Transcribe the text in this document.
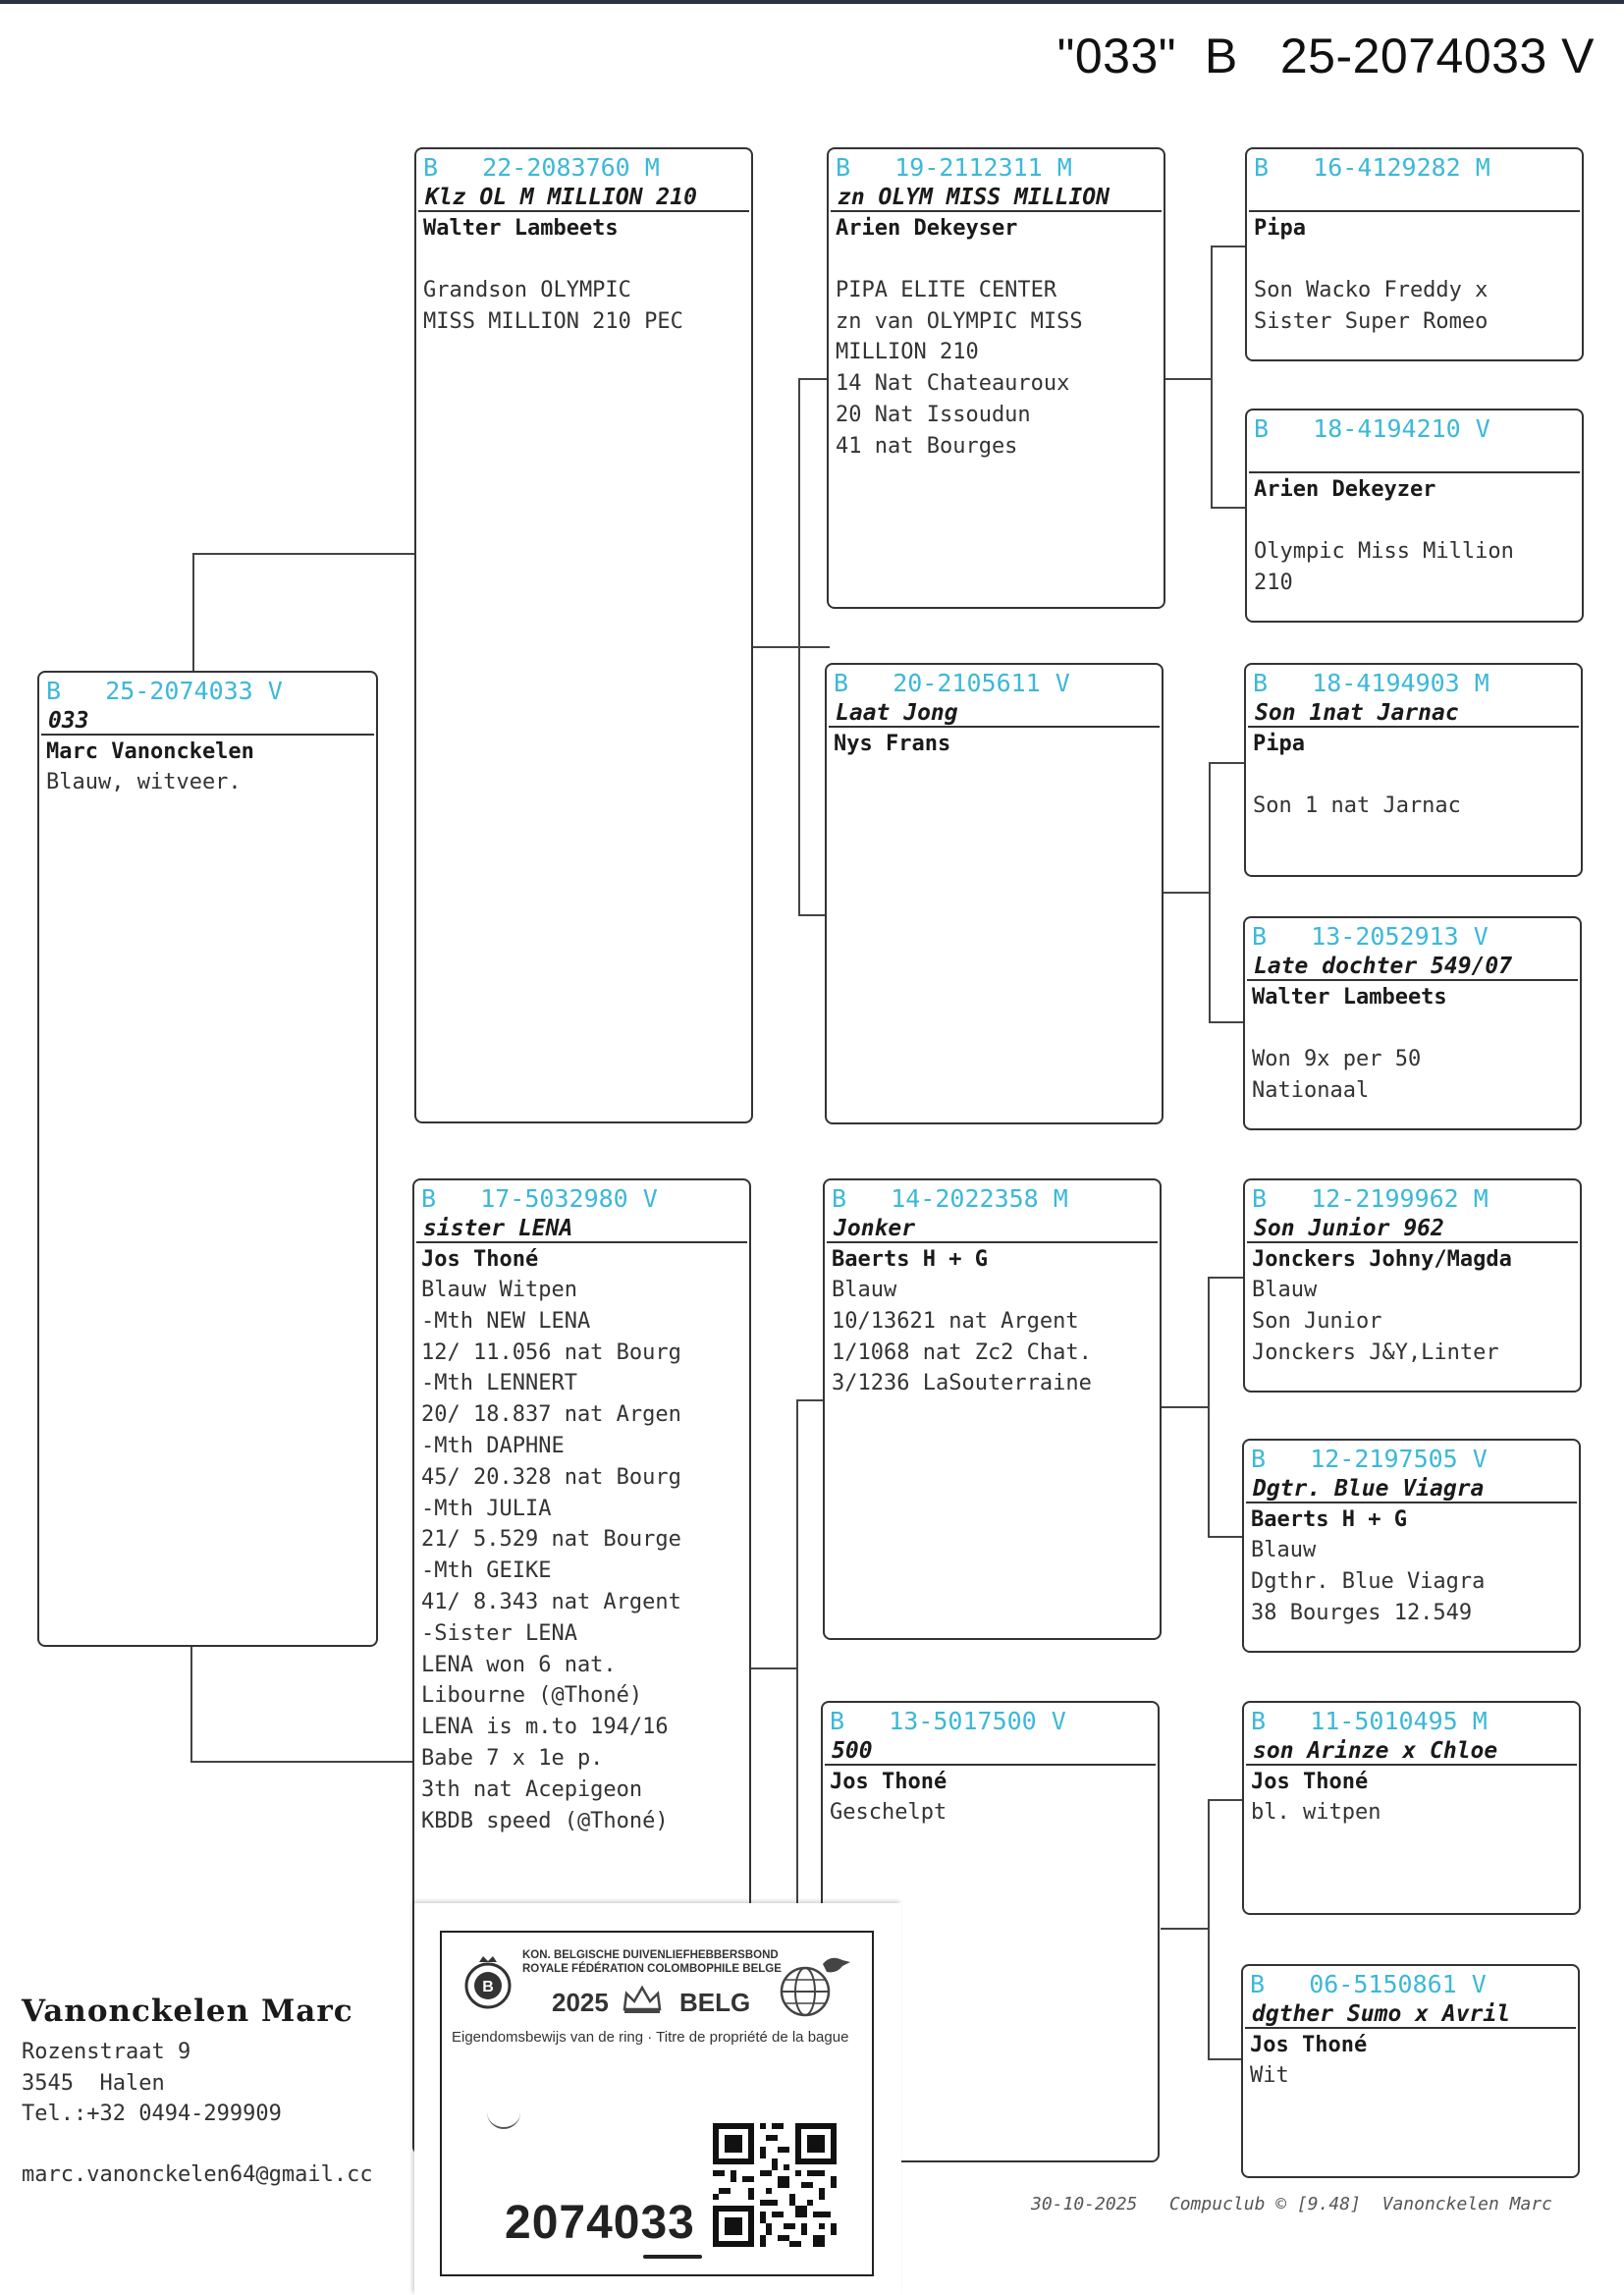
"033"  B   25-2074033 V
B   25-2074033 V
033
Marc Vanonckelen
Blauw, witveer.
B   22-2083760 M
Klz OL M MILLION 210
Walter Lambeets
Grandson OLYMPIC
MISS MILLION 210 PEC
B   17-5032980 V
sister LENA
Jos Thoné
Blauw Witpen
-Mth NEW LENA
12/ 11.056 nat Bourg
-Mth LENNERT
20/ 18.837 nat Argen
-Mth DAPHNE
45/ 20.328 nat Bourg
-Mth JULIA
21/ 5.529 nat Bourge
-Mth GEIKE
41/ 8.343 nat Argent
-Sister LENA
LENA won 6 nat.
Libourne (@Thoné)
LENA is m.to 194/16
Babe 7 x 1e p.
3th nat Acepigeon
KBDB speed (@Thoné)
B   19-2112311 M
zn OLYM MISS MILLION
Arien Dekeyser
PIPA ELITE CENTER
zn van OLYMPIC MISS
MILLION 210
14 Nat Chateauroux
20 Nat Issoudun
41 nat Bourges
B   20-2105611 V
Laat Jong
Nys Frans
B   14-2022358 M
Jonker
Baerts H + G
Blauw
10/13621 nat Argent
1/1068 nat Zc2 Chat.
3/1236 LaSouterraine
B   13-5017500 V
500
Jos Thoné
Geschelpt
B   16-4129282 M
Pipa
Son Wacko Freddy x
Sister Super Romeo
B   18-4194210 V
Arien Dekeyzer
Olympic Miss Million
210
B   18-4194903 M
Son 1nat Jarnac
Pipa
Son 1 nat Jarnac
B   13-2052913 V
Late dochter 549/07
Walter Lambeets
Won 9x per 50
Nationaal
B   12-2199962 M
Son Junior 962
Jonckers Johny/Magda
Blauw
Son Junior
Jonckers J&Y,Linter
B   12-2197505 V
Dgtr. Blue Viagra
Baerts H + G
Blauw
Dgthr. Blue Viagra
38 Bourges 12.549
B   11-5010495 M
son Arinze x Chloe
Jos Thoné
bl. witpen
B   06-5150861 V
dgther Sumo x Avril
Jos Thoné
Wit
Vanonckelen Marc
Rozenstraat 9
3545  Halen
Tel.:+32 0494-299909
marc.vanonckelen64@gmail.cc
B
KON. BELGISCHE DUIVENLIEFHEBBERSBOND
ROYALE FÉDÉRATION COLOMBOPHILE BELGE
2025	BELG
Eigendomsbewijs van de ring · Titre de propriété de la bague
2074033	30-10-2025   Compuclub © [9.48]  Vanonckelen Marc
